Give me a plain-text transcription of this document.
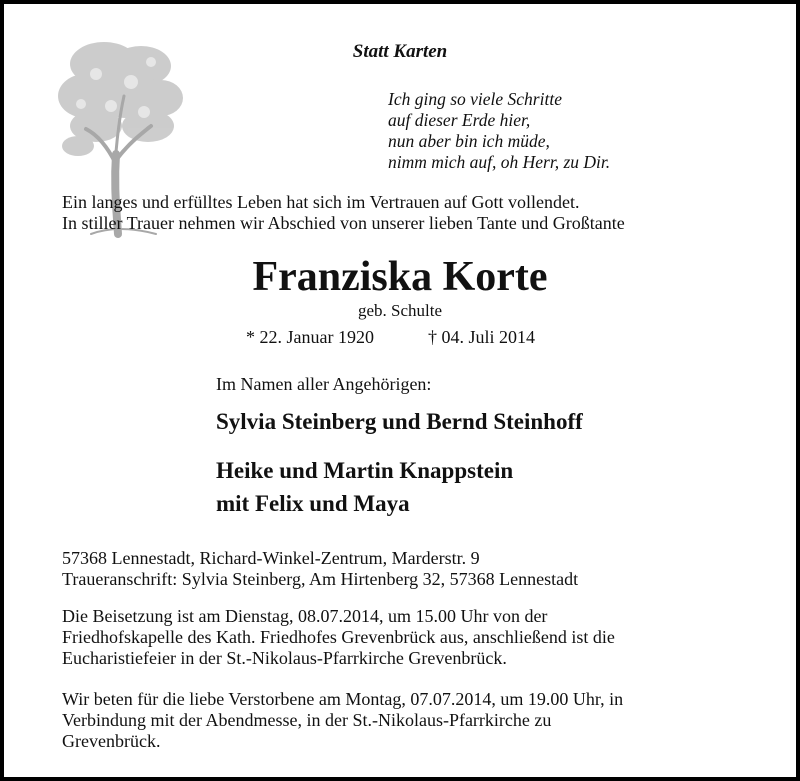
Statt Karten
Ich ging so viele Schritte
auf dieser Erde hier,
nun aber bin ich müde,
nimm mich auf, oh Herr, zu Dir.
Ein langes und erfülltes Leben hat sich im Vertrauen auf Gott vollendet.
In stiller Trauer nehmen wir Abschied von unserer lieben Tante und Großtante
Franziska Korte
geb. Schulte
* 22. Januar 1920	† 04. Juli 2014
Im Namen aller Angehörigen:
Sylvia Steinberg und Bernd Steinhoff
Heike und Martin Knappstein
mit Felix und Maya
57368 Lennestadt, Richard-Winkel-Zentrum, Marderstr. 9
Traueranschrift: Sylvia Steinberg, Am Hirtenberg 32, 57368 Lennestadt
Die Beisetzung ist am Dienstag, 08.07.2014, um 15.00 Uhr von der
Friedhofskapelle des Kath. Friedhofes Grevenbrück aus, anschließend ist die
Eucharistiefeier in der St.-Nikolaus-Pfarrkirche Grevenbrück.
Wir beten für die liebe Verstorbene am Montag, 07.07.2014, um 19.00 Uhr, in
Verbindung mit der Abendmesse, in der St.-Nikolaus-Pfarrkirche zu
Grevenbrück.
